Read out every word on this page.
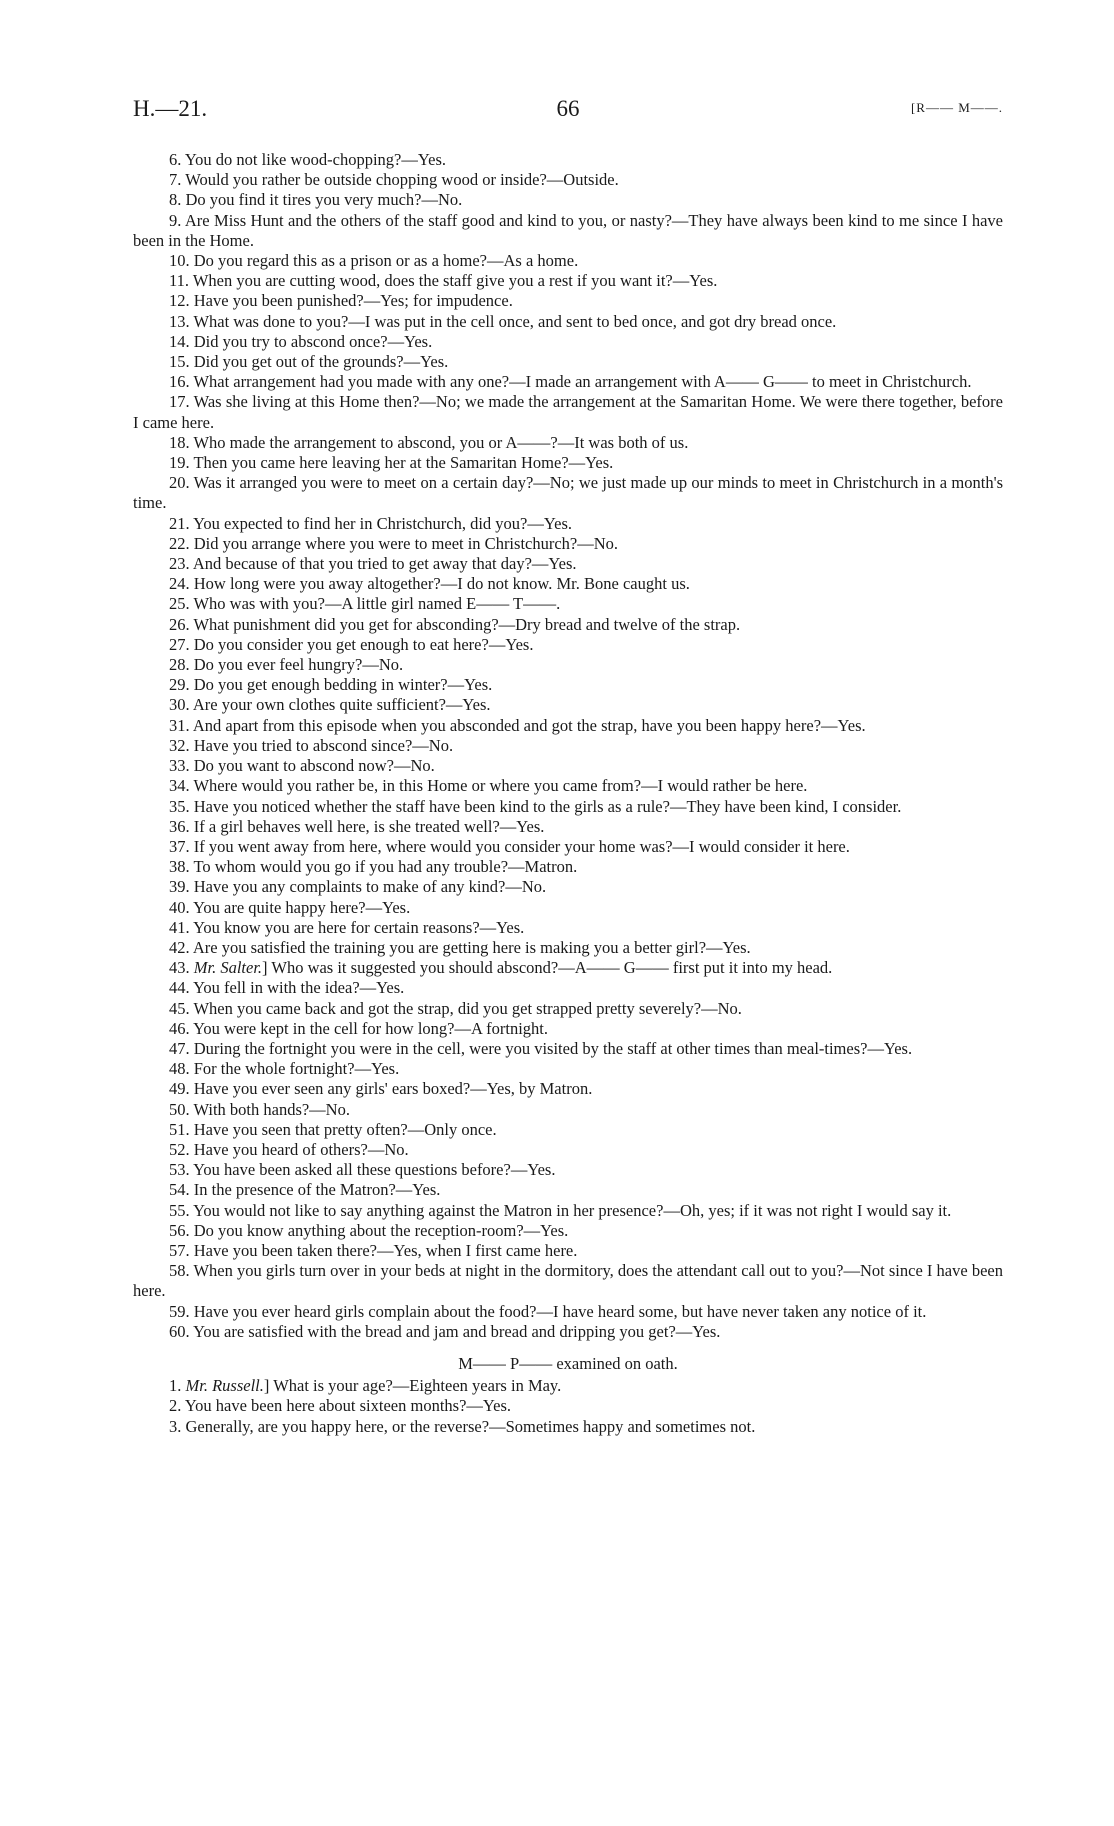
H.—21.	66	[R—— M——.

6. You do not like wood-chopping?—Yes.

7. Would you rather be outside chopping wood or inside?—Outside.

8. Do you find it tires you very much?—No.

9. Are Miss Hunt and the others of the staff good and kind to you, or nasty?—They have always been kind to me since I have been in the Home.

10. Do you regard this as a prison or as a home?—As a home.

11. When you are cutting wood, does the staff give you a rest if you want it?—Yes.

12. Have you been punished?—Yes; for impudence.

13. What was done to you?—I was put in the cell once, and sent to bed once, and got dry bread once.

14. Did you try to abscond once?—Yes.

15. Did you get out of the grounds?—Yes.

16. What arrangement had you made with any one?—I made an arrangement with A—— G—— to meet in Christchurch.

17. Was she living at this Home then?—No; we made the arrangement at the Samaritan Home. We were there together, before I came here.

18. Who made the arrangement to abscond, you or A——?—It was both of us.

19. Then you came here leaving her at the Samaritan Home?—Yes.

20. Was it arranged you were to meet on a certain day?—No; we just made up our minds to meet in Christchurch in a month's time.

21. You expected to find her in Christchurch, did you?—Yes.

22. Did you arrange where you were to meet in Christchurch?—No.

23. And because of that you tried to get away that day?—Yes.

24. How long were you away altogether?—I do not know. Mr. Bone caught us.

25. Who was with you?—A little girl named E—— T——.

26. What punishment did you get for absconding?—Dry bread and twelve of the strap.

27. Do you consider you get enough to eat here?—Yes.

28. Do you ever feel hungry?—No.

29. Do you get enough bedding in winter?—Yes.

30. Are your own clothes quite sufficient?—Yes.

31. And apart from this episode when you absconded and got the strap, have you been happy here?—Yes.

32. Have you tried to abscond since?—No.

33. Do you want to abscond now?—No.

34. Where would you rather be, in this Home or where you came from?—I would rather be here.

35. Have you noticed whether the staff have been kind to the girls as a rule?—They have been kind, I consider.

36. If a girl behaves well here, is she treated well?—Yes.

37. If you went away from here, where would you consider your home was?—I would consider it here.

38. To whom would you go if you had any trouble?—Matron.

39. Have you any complaints to make of any kind?—No.

40. You are quite happy here?—Yes.

41. You know you are here for certain reasons?—Yes.

42. Are you satisfied the training you are getting here is making you a better girl?—Yes.

43. Mr. Salter.] Who was it suggested you should abscond?—A—— G—— first put it into my head.

44. You fell in with the idea?—Yes.

45. When you came back and got the strap, did you get strapped pretty severely?—No.

46. You were kept in the cell for how long?—A fortnight.

47. During the fortnight you were in the cell, were you visited by the staff at other times than meal-times?—Yes.

48. For the whole fortnight?—Yes.

49. Have you ever seen any girls' ears boxed?—Yes, by Matron.

50. With both hands?—No.

51. Have you seen that pretty often?—Only once.

52. Have you heard of others?—No.

53. You have been asked all these questions before?—Yes.

54. In the presence of the Matron?—Yes.

55. You would not like to say anything against the Matron in her presence?—Oh, yes; if it was not right I would say it.

56. Do you know anything about the reception-room?—Yes.

57. Have you been taken there?—Yes, when I first came here.

58. When you girls turn over in your beds at night in the dormitory, does the attendant call out to you?—Not since I have been here.

59. Have you ever heard girls complain about the food?—I have heard some, but have never taken any notice of it.

60. You are satisfied with the bread and jam and bread and dripping you get?—Yes.

M—— P—— examined on oath.

1. Mr. Russell.] What is your age?—Eighteen years in May.

2. You have been here about sixteen months?—Yes.

3. Generally, are you happy here, or the reverse?—Sometimes happy and sometimes not.
